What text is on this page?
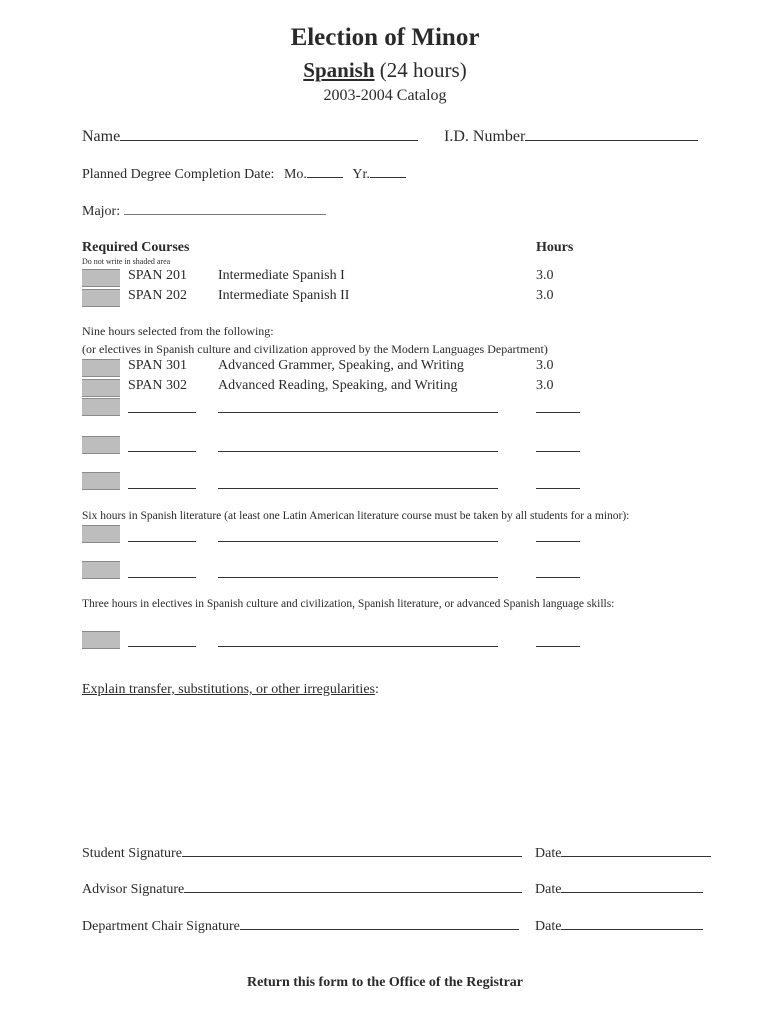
Election of Minor
Spanish (24 hours)
2003-2004 Catalog
Name	I.D. Number
Planned Degree Completion Date: Mo.	Yr.
Major:
Required Courses	Hours
Do not write in shaded area
SPAN 201 Intermediate Spanish I	3.0
SPAN 202 Intermediate Spanish II	3.0
Nine hours selected from the following:
(or electives in Spanish culture and civilization approved by the Modern Languages Department)
SPAN 301 Advanced Grammer, Speaking, and Writing	3.0
SPAN 302 Advanced Reading, Speaking, and Writing	3.0
Six hours in Spanish literature (at least one Latin American literature course must be taken by all students for a minor):
Three hours in electives in Spanish culture and civilization, Spanish literature, or advanced Spanish language skills:
Explain transfer, substitutions, or other irregularities:
Student Signature	Date
Advisor Signature	Date
Department Chair Signature	Date
Return this form to the Office of the Registrar
